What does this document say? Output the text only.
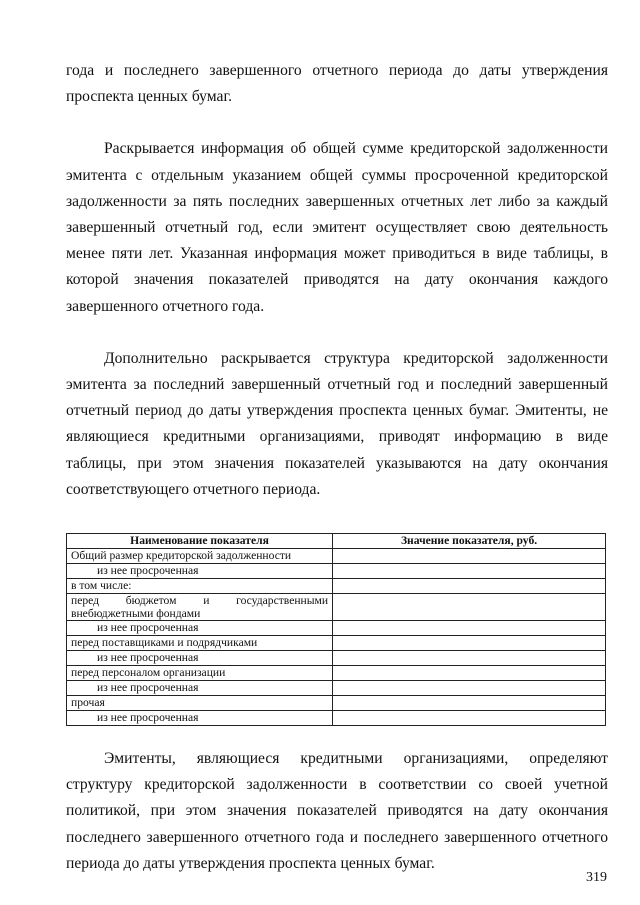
года и последнего завершенного отчетного периода до даты утверждения проспекта ценных бумаг.

Раскрывается информация об общей сумме кредиторской задолженности эмитента с отдельным указанием общей суммы просроченной кредиторской задолженности за пять последних завершенных отчетных лет либо за каждый завершенный отчетный год, если эмитент осуществляет свою деятельность менее пяти лет. Указанная информация может приводиться в виде таблицы, в которой значения показателей приводятся на дату окончания каждого завершенного отчетного года.

Дополнительно раскрывается структура кредиторской задолженности эмитента за последний завершенный отчетный год и последний завершенный отчетный период до даты утверждения проспекта ценных бумаг. Эмитенты, не являющиеся кредитными организациями, приводят информацию в виде таблицы, при этом значения показателей указываются на дату окончания соответствующего отчетного периода.

Наименование показателя	Значение показателя, руб.
Общий размер кредиторской задолженности	
из нее просроченная	
в том числе:	
перед бюджетом и государственными внебюджетными фондами	
из нее просроченная	
перед поставщиками и подрядчиками	
из нее просроченная	
перед персоналом организации	
из нее просроченная	
прочая	
из нее просроченная	

Эмитенты, являющиеся кредитными организациями, определяют структуру кредиторской задолженности в соответствии со своей учетной политикой, при этом значения показателей приводятся на дату окончания последнего завершенного отчетного года и последнего завершенного отчетного периода до даты утверждения проспекта ценных бумаг.

319
